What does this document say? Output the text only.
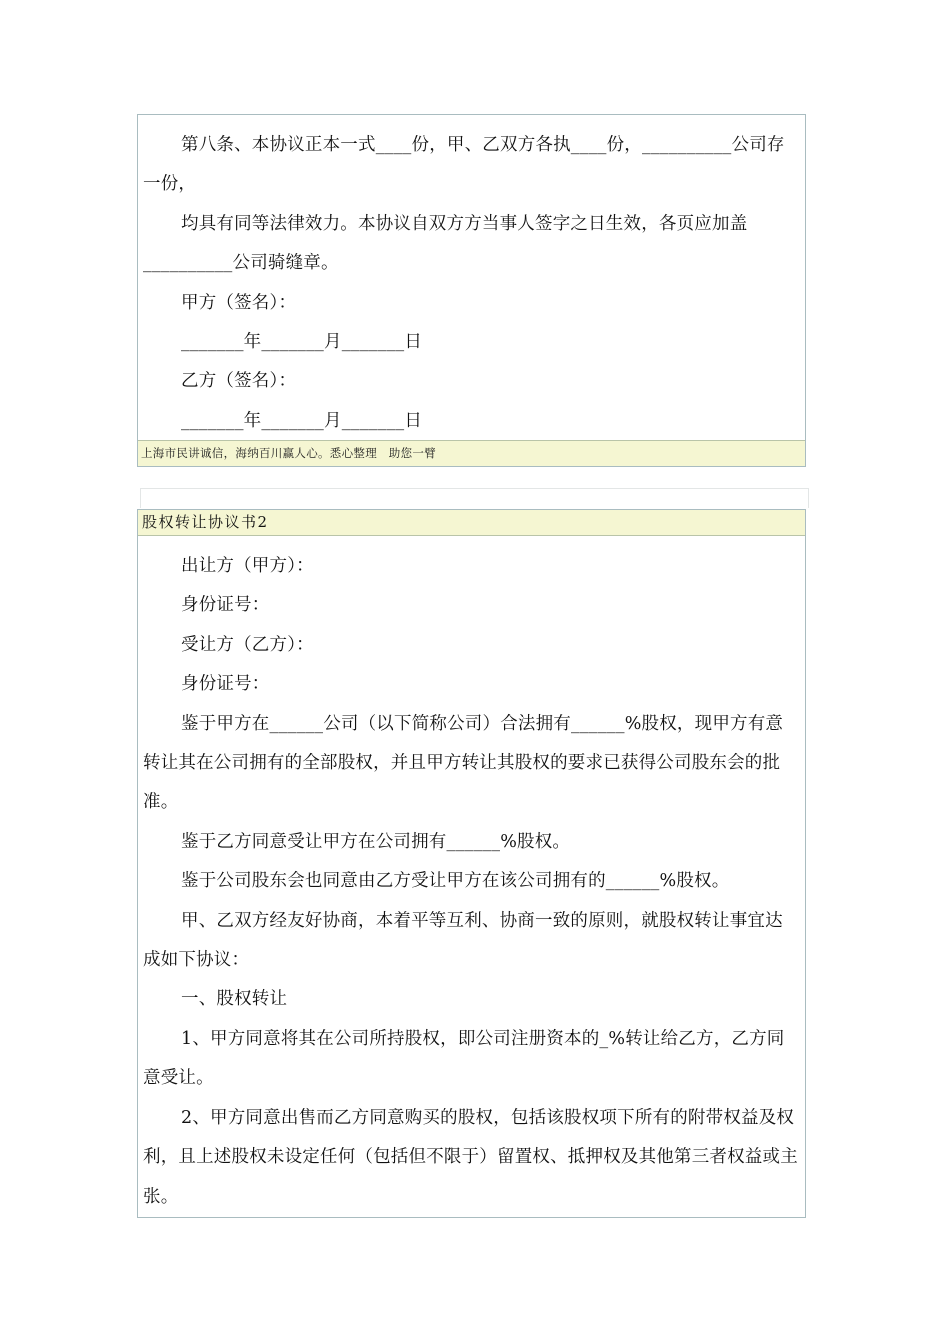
第八条、本协议正本一式____份，甲、乙双方各执____份，__________公司存一份，

均具有同等法律效力。本协议自双方方当事人签字之日生效，各页应加盖__________公司骑缝章。

甲方（签名）：

_______年_______月_______日

乙方（签名）：

_______年_______月_______日

上海市民讲诚信，海纳百川赢人心。悉心整理　助您一臂
股权转让协议书2

出让方（甲方）：

身份证号：

受让方（乙方）：

身份证号：

鉴于甲方在______公司（以下简称公司）合法拥有______%股权，现甲方有意转让其在公司拥有的全部股权，并且甲方转让其股权的要求已获得公司股东会的批准。

鉴于乙方同意受让甲方在公司拥有______%股权。

鉴于公司股东会也同意由乙方受让甲方在该公司拥有的______%股权。

甲、乙双方经友好协商，本着平等互利、协商一致的原则，就股权转让事宜达成如下协议：

一、股权转让

1、甲方同意将其在公司所持股权，即公司注册资本的_%转让给乙方，乙方同意受让。

2、甲方同意出售而乙方同意购买的股权，包括该股权项下所有的附带权益及权利，且上述股权未设定任何（包括但不限于）留置权、抵押权及其他第三者权益或主张。
